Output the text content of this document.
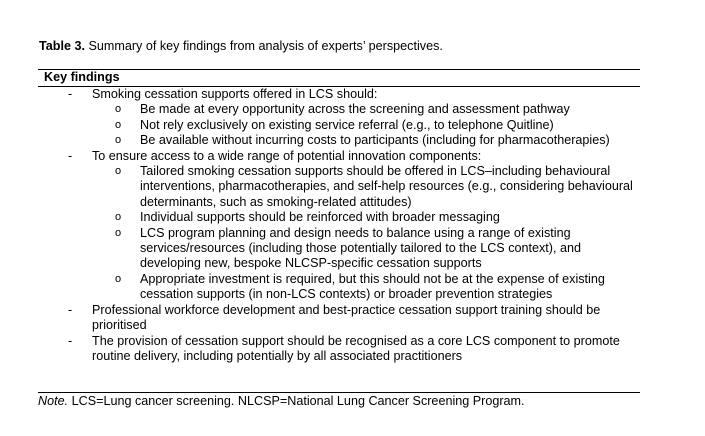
Table 3. Summary of key findings from analysis of experts’ perspectives.
Key findings
- Smoking cessation supports offered in LCS should:
o Be made at every opportunity across the screening and assessment pathway
o Not rely exclusively on existing service referral (e.g., to telephone Quitline)
o Be available without incurring costs to participants (including for pharmacotherapies)
- To ensure access to a wide range of potential innovation components:
o Tailored smoking cessation supports should be offered in LCS–including behavioural interventions, pharmacotherapies, and self-help resources (e.g., considering behavioural determinants, such as smoking-related attitudes)
o Individual supports should be reinforced with broader messaging
o LCS program planning and design needs to balance using a range of existing services/resources (including those potentially tailored to the LCS context), and developing new, bespoke NLCSP-specific cessation supports
o Appropriate investment is required, but this should not be at the expense of existing cessation supports (in non-LCS contexts) or broader prevention strategies
- Professional workforce development and best-practice cessation support training should be prioritised
- The provision of cessation support should be recognised as a core LCS component to promote routine delivery, including potentially by all associated practitioners
Note. LCS=Lung cancer screening. NLCSP=National Lung Cancer Screening Program.
